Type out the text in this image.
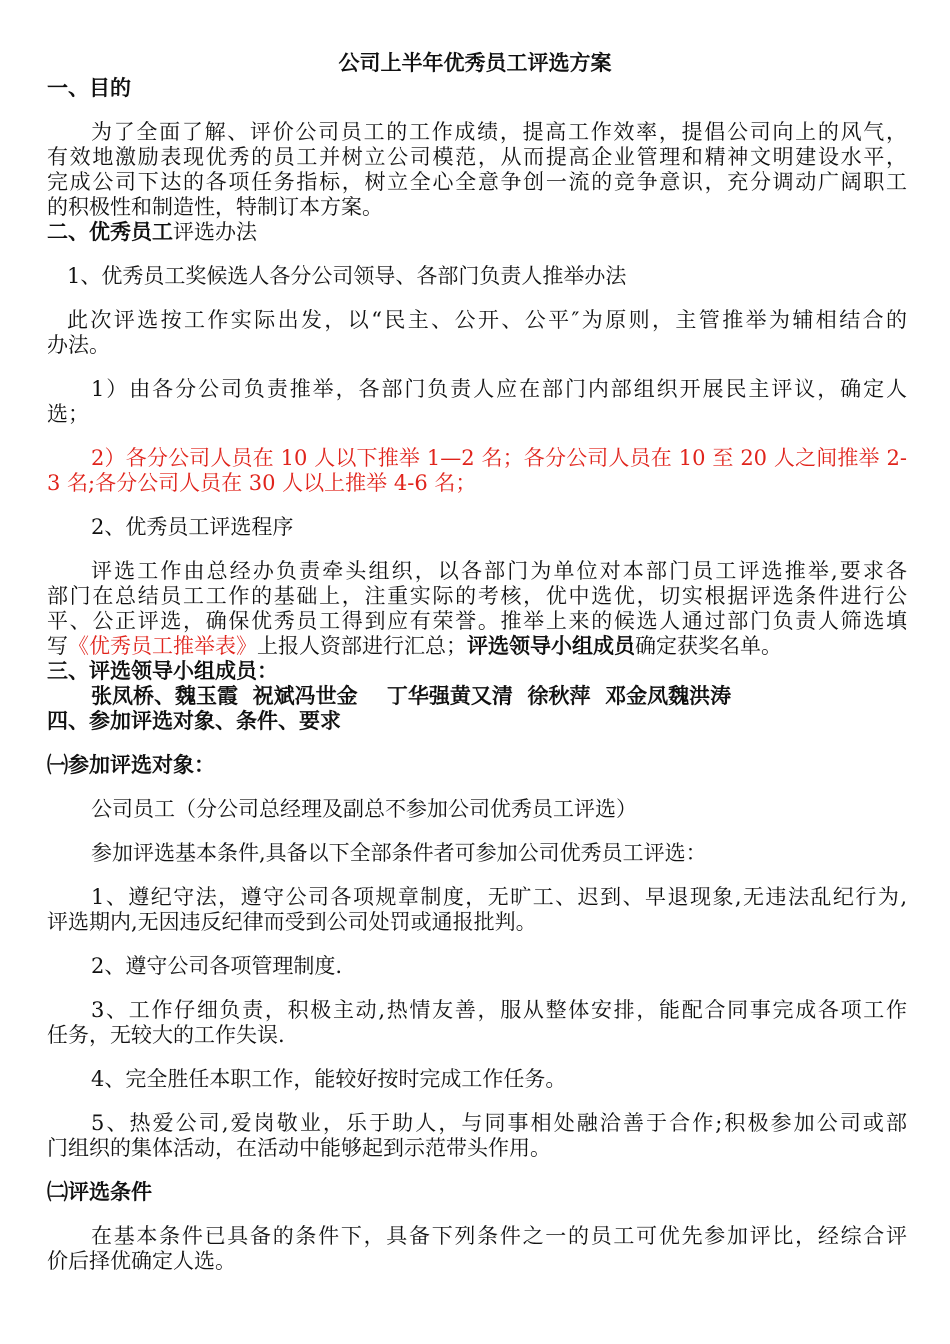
公司上半年优秀员工评选方案
一、目的
为了全面了解、评价公司员工的工作成绩，提高工作效率，提倡公司向上的风气，
有效地激励表现优秀的员工并树立公司模范，从而提高企业管理和精神文明建设水平，
完成公司下达的各项任务指标，树立全心全意争创一流的竞争意识，充分调动广阔职工
的积极性和制造性，特制订本方案。
二、优秀员工评选办法
1、优秀员工奖候选人各分公司领导、各部门负责人推举办法
此次评选按工作实际出发，以“民主、公开、公平″为原则，主管推举为辅相结合的
办法。
1）由各分公司负责推举，各部门负责人应在部门内部组织开展民主评议，确定人
选；
2）各分公司人员在 10 人以下推举 1—2 名；各分公司人员在 10 至 20 人之间推举 2-
3 名;各分公司人员在 30 人以上推举 4-6 名；
2、优秀员工评选程序
评选工作由总经办负责牵头组织，以各部门为单位对本部门员工评选推举,要求各
部门在总结员工工作的基础上，注重实际的考核，优中选优，切实根据评选条件进行公
平、公正评选，确保优秀员工得到应有荣誉。推举上来的候选人通过部门负责人筛选填
写《优秀员工推举表》上报人资部进行汇总；评选领导小组成员确定获奖名单。
三、评选领导小组成员：
张凤桥、魏玉霞  祝斌冯世金    丁华强黄又清  徐秋萍  邓金凤魏洪涛
四、参加评选对象、条件、要求
㈠参加评选对象：
公司员工（分公司总经理及副总不参加公司优秀员工评选）
参加评选基本条件,具备以下全部条件者可参加公司优秀员工评选：
1、遵纪守法，遵守公司各项规章制度，无旷工、迟到、早退现象,无违法乱纪行为,
评选期内,无因违反纪律而受到公司处罚或通报批判。
2、遵守公司各项管理制度.
3、工作仔细负责，积极主动,热情友善，服从整体安排，能配合同事完成各项工作
任务，无较大的工作失误.
4、完全胜任本职工作，能较好按时完成工作任务。
5、热爱公司,爱岗敬业，乐于助人，与同事相处融洽善于合作;积极参加公司或部
门组织的集体活动，在活动中能够起到示范带头作用。
㈡评选条件
在基本条件已具备的条件下，具备下列条件之一的员工可优先参加评比，经综合评
价后择优确定人选。
